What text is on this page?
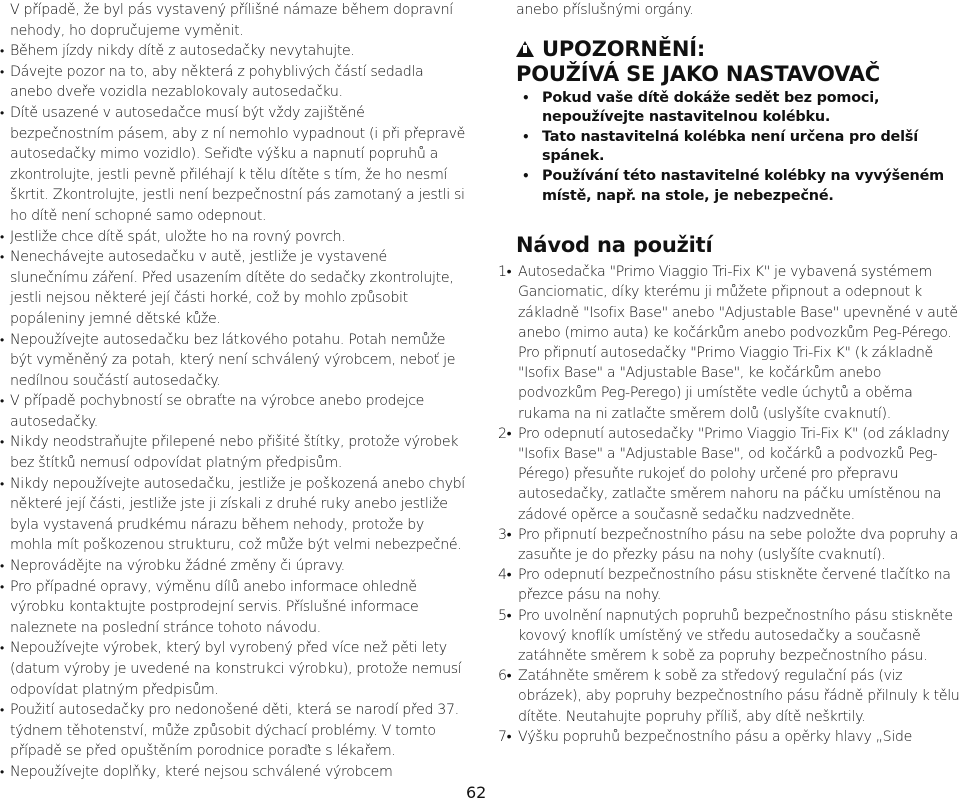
V případě, že byl pás vystavený přílišné námaze během dopravní nehody, ho dopručujeme vyměnit.

• Během jízdy nikdy dítě z autosedačky nevytahujte.
• Dávejte pozor na to, aby některá z pohyblivých částí sedadla anebo dveře vozidla nezablokovaly autosedačku.
• Dítě usazené v autosedačce musí být vždy zajištěné bezpečnostním pásem, aby z ní nemohlo vypadnout (i při přepravě autosedačky mimo vozidlo). Seřiďte výšku a napnutí popruhů a zkontrolujte, jestli pevně přiléhají k tělu dítěte s tím, že ho nesmí škrtit. Zkontrolujte, jestli není bezpečnostní pás zamotaný a jestli si ho dítě není schopné samo odepnout.
• Jestliže chce dítě spát, uložte ho na rovný povrch.
• Nenechávejte autosedačku v autě, jestliže je vystavené slunečnímu záření. Před usazením dítěte do sedačky zkontrolujte, jestli nejsou některé její části horké, což by mohlo způsobit popáleniny jemné dětské kůže.
• Nepoužívejte autosedačku bez látkového potahu. Potah nemůže být vyměněný za potah, který není schválený výrobcem, neboť je nedílnou součástí autosedačky.
• V případě pochybností se obraťte na výrobce anebo prodejce autosedačky.
• Nikdy neodstraňujte přilepené nebo přišité štítky, protože výrobek bez štítků nemusí odpovídat platným předpisům.
• Nikdy nepoužívejte autosedačku, jestliže je poškozená anebo chybí některé její části, jestliže jste ji získali z druhé ruky anebo jestliže byla vystavená prudkému nárazu během nehody, protože by mohla mít poškozenou strukturu, což může být velmi nebezpečné.
• Neprovádějte na výrobku žádné změny či úpravy.
• Pro případné opravy, výměnu dílů anebo informace ohledně výrobku kontaktujte postprodejní servis. Příslušné informace naleznete na poslední stránce tohoto návodu.
• Nepoužívejte výrobek, který byl vyrobený před více než pěti lety (datum výroby je uvedené na konstrukci výrobku), protože nemusí odpovídat platným předpisům.
• Použití autosedačky pro nedonošené děti, která se narodí před 37. týdnem těhotenství, může způsobit dýchací problémy. V tomto případě se před opuštěním porodnice poraďte s lékařem.
• Nepoužívejte doplňky, které nejsou schválené výrobcem

anebo příslušnými orgány.

UPOZORNĚNÍ:
POUŽÍVÁ SE JAKO NASTAVOVAČ
• Pokud vaše dítě dokáže sedět bez pomoci, nepoužívejte nastavitelnou kolébku.
• Tato nastavitelná kolébka není určena pro delší spánek.
• Používání této nastavitelné kolébky na vyvýšeném místě, např. na stole, je nebezpečné.
Návod na použití
1• Autosedačka "Primo Viaggio Tri-Fix K" je vybavená systémem Ganciomatic, díky kterému ji můžete připnout a odepnout k základně "Isofix Base" anebo "Adjustable Base" upevněné v autě anebo (mimo auta) ke kočárkům anebo podvozkům Peg-Pérego. Pro připnutí autosedačky "Primo Viaggio Tri-Fix K" (k základně "Isofix Base" a "Adjustable Base", ke kočárkům anebo podvozkům Peg-Perego) ji umístěte vedle úchytů a oběma rukama na ni zatlačte směrem dolů (uslyšíte cvaknutí).
2• Pro odepnutí autosedačky "Primo Viaggio Tri-Fix K" (od základny "Isofix Base" a "Adjustable Base", od kočárků a podvozků Peg-Pérego) přesuňte rukojeť do polohy určené pro přepravu autosedačky, zatlačte směrem nahoru na páčku umístěnou na zádové opěrce a současně sedačku nadzvedněte.
3• Pro připnutí bezpečnostního pásu na sebe položte dva popruhy a zasuňte je do přezky pásu na nohy (uslyšíte cvaknutí).
4• Pro odepnutí bezpečnostního pásu stiskněte červené tlačítko na přezce pásu na nohy.
5• Pro uvolnění napnutých popruhů bezpečnostního pásu stiskněte kovový knoflík umístěný ve středu autosedačky a současně zatáhněte směrem k sobě za popruhy bezpečnostního pásu.
6• Zatáhněte směrem k sobě za středový regulační pás (viz obrázek), aby popruhy bezpečnostního pásu řádně přilnuly k tělu dítěte. Neutahujte popruhy příliš, aby dítě neškrtily.
7• Výšku popruhů bezpečnostního pásu a opěrky hlavy „Side
62
